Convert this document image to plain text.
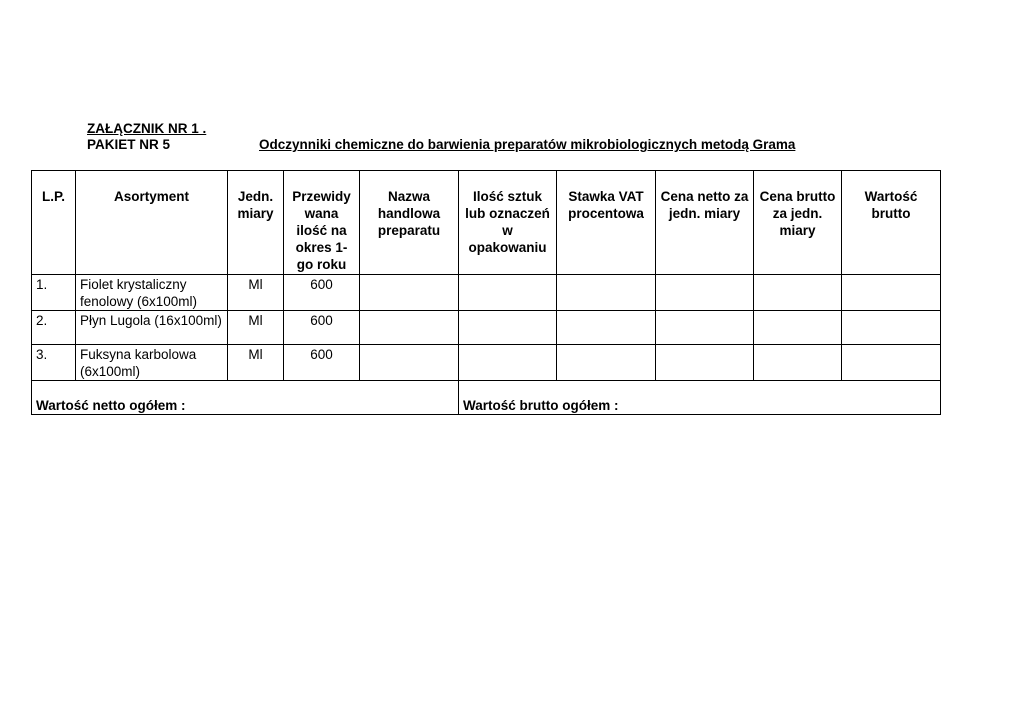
ZAŁĄCZNIK NR 1 .
PAKIET NR 5	Odczynniki chemiczne do barwienia preparatów mikrobiologicznych metodą Grama
L.P.	Asortyment	Jedn. miary	Przewidy wana ilość na okres 1-go roku	Nazwa handlowa preparatu	Ilość sztuk lub oznaczeń w opakowaniu	Stawka VAT procentowa	Cena netto za jedn. miary	Cena brutto za jedn. miary	Wartość brutto
1.	Fiolet krystaliczny fenolowy (6x100ml)	Ml	600						
2.	Płyn Lugola (16x100ml)	Ml	600						
3.	Fuksyna karbolowa (6x100ml)	Ml	600						
Wartość netto ogółem :					Wartość brutto ogółem :				
